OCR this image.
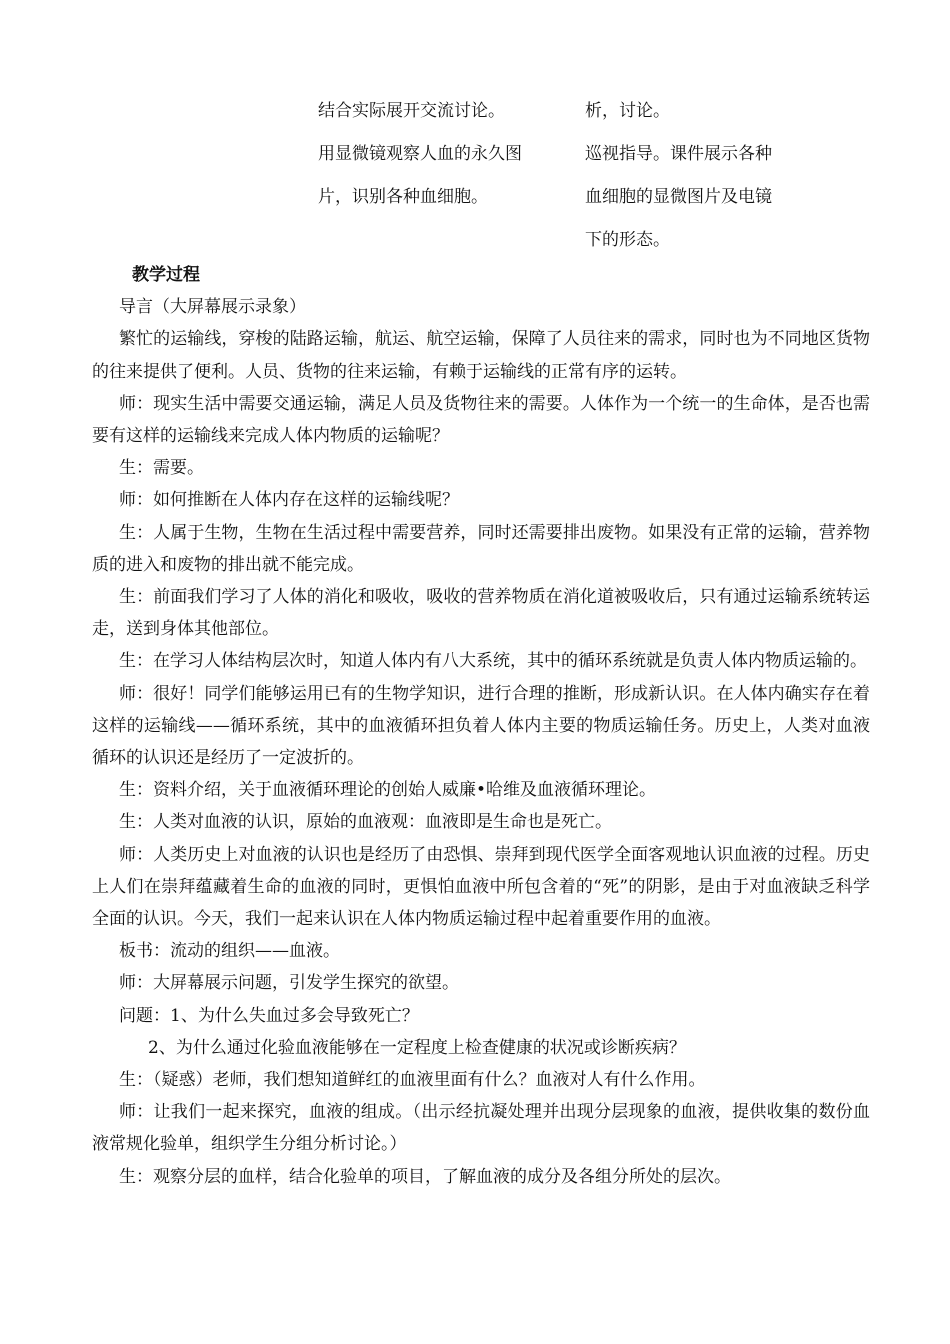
结合实际展开交流讨论。
用显微镜观察人血的永久图
片，识别各种血细胞。
析，讨论。
巡视指导。课件展示各种
血细胞的显微图片及电镜
下的形态。
教学过程
导言（大屏幕展示录象）
繁忙的运输线，穿梭的陆路运输，航运、航空运输，保障了人员往来的需求，同时也为不同地区货物的往来提供了便利。人员、货物的往来运输，有赖于运输线的正常有序的运转。
师：现实生活中需要交通运输，满足人员及货物往来的需要。人体作为一个统一的生命体，是否也需要有这样的运输线来完成人体内物质的运输呢？
生：需要。
师：如何推断在人体内存在这样的运输线呢？
生：人属于生物，生物在生活过程中需要营养，同时还需要排出废物。如果没有正常的运输，营养物质的进入和废物的排出就不能完成。
生：前面我们学习了人体的消化和吸收，吸收的营养物质在消化道被吸收后，只有通过运输系统转运走，送到身体其他部位。
生：在学习人体结构层次时，知道人体内有八大系统，其中的循环系统就是负责人体内物质运输的。
师：很好！同学们能够运用已有的生物学知识，进行合理的推断，形成新认识。在人体内确实存在着这样的运输线——循环系统，其中的血液循环担负着人体内主要的物质运输任务。历史上，人类对血液循环的认识还是经历了一定波折的。
生：资料介绍，关于血液循环理论的创始人威廉•哈维及血液循环理论。
生：人类对血液的认识，原始的血液观：血液即是生命也是死亡。
师：人类历史上对血液的认识也是经历了由恐惧、崇拜到现代医学全面客观地认识血液的过程。历史上人们在崇拜蕴藏着生命的血液的同时，更惧怕血液中所包含着的“死”的阴影，是由于对血液缺乏科学全面的认识。今天，我们一起来认识在人体内物质运输过程中起着重要作用的血液。
板书：流动的组织——血液。
师：大屏幕展示问题，引发学生探究的欲望。
问题：1、为什么失血过多会导致死亡？
2、为什么通过化验血液能够在一定程度上检查健康的状况或诊断疾病？
生：（疑惑）老师，我们想知道鲜红的血液里面有什么？血液对人有什么作用。
师：让我们一起来探究，血液的组成。（出示经抗凝处理并出现分层现象的血液，提供收集的数份血液常规化验单，组织学生分组分析讨论。）
生：观察分层的血样，结合化验单的项目，了解血液的成分及各组分所处的层次。
